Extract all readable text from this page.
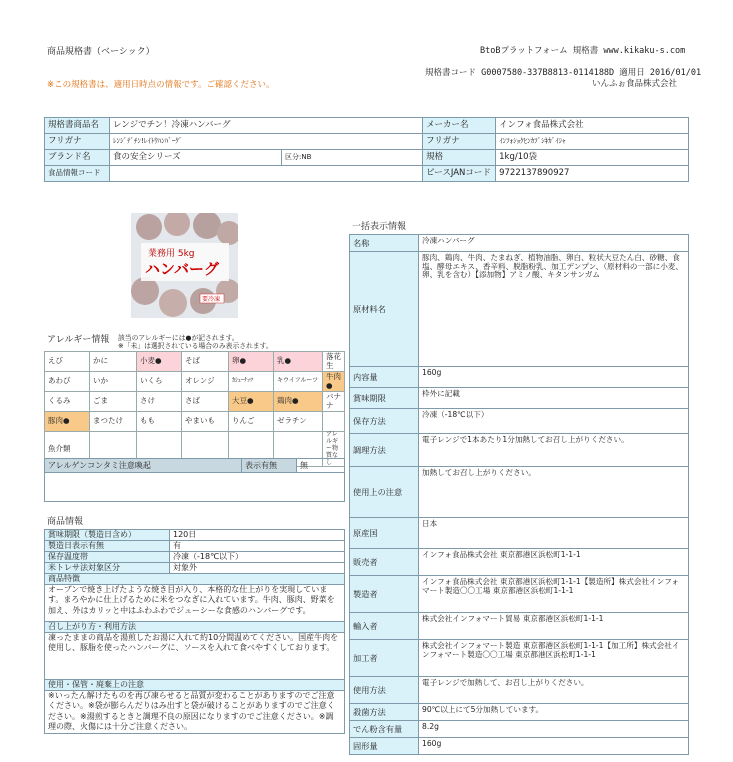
商品規格書（ベーシック）	BtoBプラットフォーム 規格書 www.kikaku-s.com
規格書コード G0007580-337B8813-0114188D 適用日 2016/01/01
いんふぉ食品株式会社
※この規格書は、適用日時点の情報です。ご確認ください。
規格書商品名	レンジでチン！冷凍ハンバーグ		メーカー名	インフォ食品株式会社
フリガナ	ﾚﾝｼﾞﾃﾞﾁﾝ!ﾚｲﾄｳﾊﾝﾊﾞｰｸﾞ		フリガナ	ｲﾝﾌｫｼｮｸﾋﾝｶﾌﾞｼｷｶﾞｲｼｬ
ブランド名	食の安全シリーズ	区分:NB	規格	1kg/10袋
食品情報コード			ピースJANコード	9722137890927
業務用 5kg
ハンバーグ
要冷凍
アレルギー情報 該当のアレルギーには●が記されます。
※「未」は選択されている場合のみ表示されます。
えび	かに	小麦●	そば	卵●	乳●	落花生
あわび	いか	いくら	オレンジ	ｶｼｭｰﾅｯﾂ	キウイフルーツ	牛肉●
くるみ	ごま	さけ	さば	大豆●	鶏肉●	バナナ
豚肉●	まつたけ	もも	やまいも	りんご	ゼラチン	
魚介類						アレルギー物質なし
アレルゲンコンタミ注意喚起	表示有無	無

商品情報
賞味期限（製造日含め）	120日
製造日表示有無	有
保存温度帯	冷凍（-18℃以下）
米トレサ法対象区分	対象外
商品特徴	
オーブンで焼き上げたような焼き目が入り、本格的な仕上がりを実現しています。まろやかに仕上げるために米をつなぎに入れています。牛肉、豚肉、野菜を加え、外はカリッと中はふわふわでジューシーな食感のハンバーグです。	
召し上がり方・利用方法	
凍ったままの商品を湯煎したお湯に入れて約10分間温めてください。国産牛肉を使用し、豚脂を使ったハンバーグに、ソースを入れて食べやすくしております。	
使用・保管・廃棄上の注意	
※いったん解けたものを再び凍らせると品質が変わることがありますのでご注意ください。※袋が膨らんだりはみ出すと袋が破けることがありますのでご注意ください。※湯煎するときと調理不良の原因になりますのでご注意ください。※調理の際、火傷には十分ご注意ください。	
一括表示情報
名称	冷凍ハンバーグ
原材料名	豚肉、鶏肉、牛肉、たまねぎ、植物油脂、卵白、粒状大豆たん白、砂糖、食塩、酵母エキス、香辛料、脱脂粉乳、加工デンプン、（原材料の一部に小麦、卵、乳を含む）【添加物】アミノ酸、キタンサンガム
内容量	160g
賞味期限	枠外に記載
保存方法	冷凍（-18℃以下）
調理方法	電子レンジで1本あたり1分加熱してお召し上がりください。
使用上の注意	加熱してお召し上がりください。
原産国	日本
販売者	インフォ食品株式会社 東京都港区浜松町1-1-1
製造者	インフォ食品株式会社 東京都港区浜松町1-1-1【製造所】株式会社インフォマート製造〇〇工場 東京都港区浜松町1-1-1
輸入者	株式会社インフォマート貿易 東京都港区浜松町1-1-1
加工者	株式会社インフォマート製造 東京都港区浜松町1-1-1【加工所】株式会社インフォマート製造〇〇工場 東京都港区浜松町1-1-1
使用方法	電子レンジで加熱して、お召し上がりください。
殺菌方法	90℃以上にて5分加熱しています。
でん粉含有量	8.2g
固形量	160g
